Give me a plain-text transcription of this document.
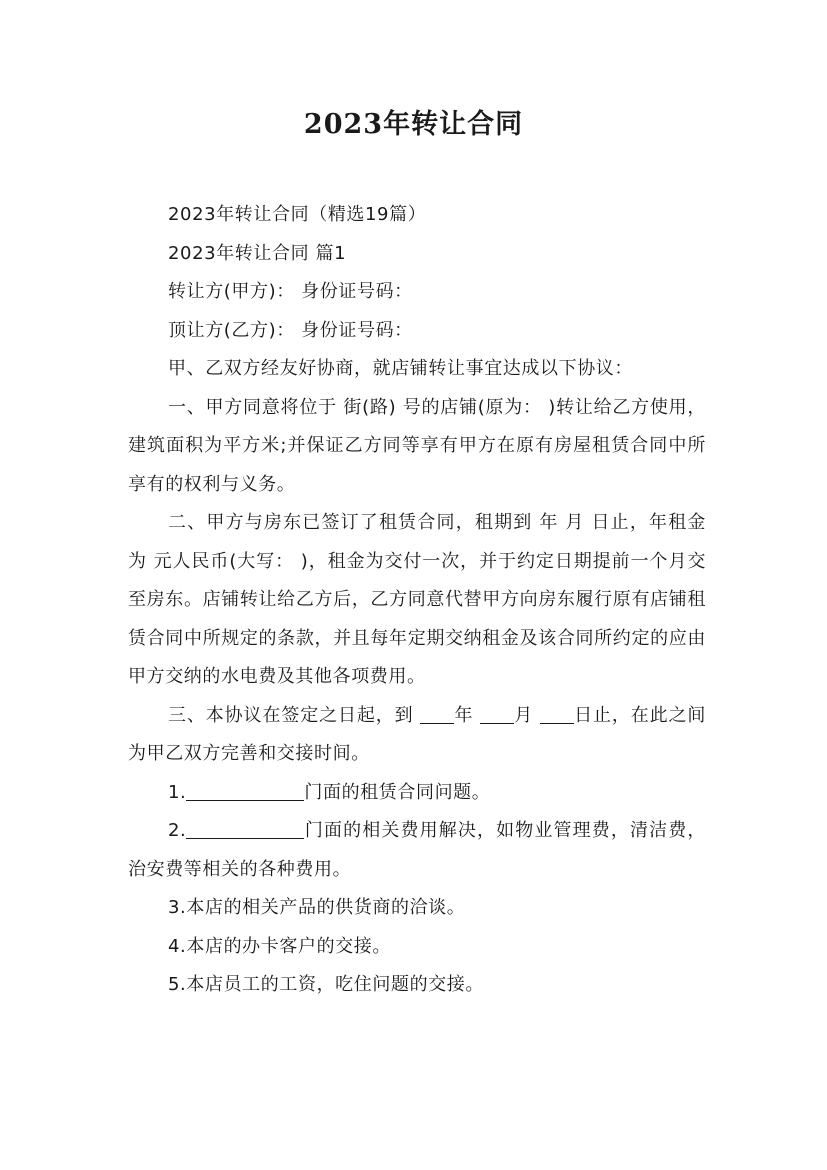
2023年转让合同

2023年转让合同（精选19篇）

2023年转让合同 篇1

转让方(甲方)： 身份证号码：

顶让方(乙方)： 身份证号码：

甲、乙双方经友好协商，就店铺转让事宜达成以下协议：

一、甲方同意将位于 街(路) 号的店铺(原为： )转让给乙方使用，建筑面积为平方米;并保证乙方同等享有甲方在原有房屋租赁合同中所享有的权利与义务。

二、甲方与房东已签订了租赁合同，租期到 年 月 日止，年租金为 元人民币(大写： )，租金为交付一次，并于约定日期提前一个月交至房东。店铺转让给乙方后，乙方同意代替甲方向房东履行原有店铺租赁合同中所规定的条款，并且每年定期交纳租金及该合同所约定的应由甲方交纳的水电费及其他各项费用。

三、本协议在签定之日起，到 年 月 日止，在此之间为甲乙双方完善和交接时间。

1.	门面的租赁合同问题。

2.	门面的相关费用解决，如物业管理费，清洁费，治安费等相关的各种费用。

3.本店的相关产品的供货商的洽谈。

4.本店的办卡客户的交接。

5.本店员工的工资，吃住问题的交接。
